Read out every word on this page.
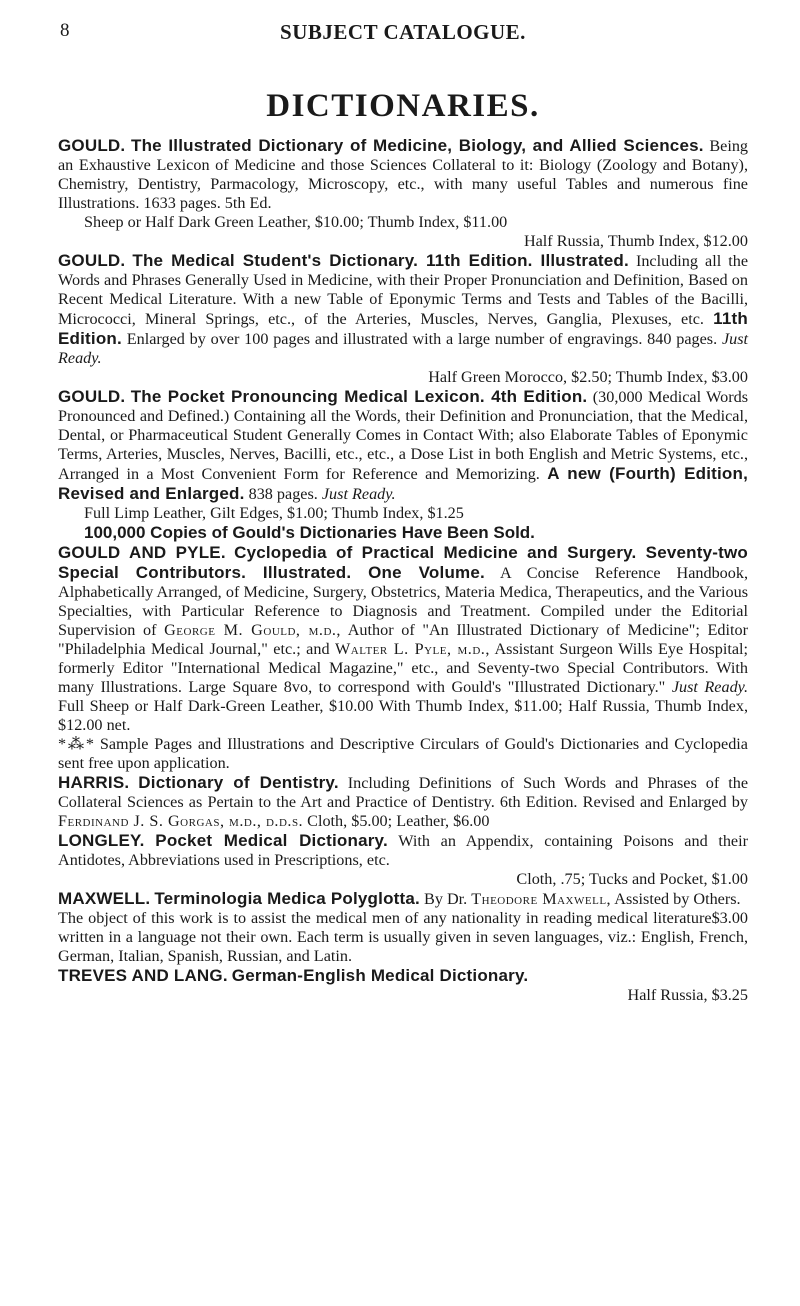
8	SUBJECT CATALOGUE.
DICTIONARIES.

GOULD. The Illustrated Dictionary of Medicine, Biology, and Allied Sciences. Being an Exhaustive Lexicon of Medicine and those Sciences Collateral to it: Biology (Zoology and Botany), Chemistry, Dentistry, Parmacology, Microscopy, etc., with many useful Tables and numerous fine Illustrations. 1633 pages. 5th Ed.
Sheep or Half Dark Green Leather, $10.00; Thumb Index, $11.00
Half Russia, Thumb Index, $12.00

GOULD. The Medical Student's Dictionary. 11th Edition. Illustrated. Including all the Words and Phrases Generally Used in Medicine, with their Proper Pronunciation and Definition, Based on Recent Medical Literature. With a new Table of Eponymic Terms and Tests and Tables of the Bacilli, Micrococci, Mineral Springs, etc., of the Arteries, Muscles, Nerves, Ganglia, Plexuses, etc. 11th Edition. Enlarged by over 100 pages and illustrated with a large number of engravings. 840 pages. Just Ready.
Half Green Morocco, $2.50; Thumb Index, $3.00

GOULD. The Pocket Pronouncing Medical Lexicon. 4th Edition. (30,000 Medical Words Pronounced and Defined.) Containing all the Words, their Definition and Pronunciation, that the Medical, Dental, or Pharmaceutical Student Generally Comes in Contact With; also Elaborate Tables of Eponymic Terms, Arteries, Muscles, Nerves, Bacilli, etc., etc., a Dose List in both English and Metric Systems, etc., Arranged in a Most Convenient Form for Reference and Memorizing. A new (Fourth) Edition, Revised and Enlarged. 838 pages. Just Ready.
Full Limp Leather, Gilt Edges, $1.00; Thumb Index, $1.25

100,000 Copies of Gould's Dictionaries Have Been Sold.

GOULD AND PYLE. Cyclopedia of Practical Medicine and Surgery. Seventy-two Special Contributors. Illustrated. One Volume. A Concise Reference Handbook, Alphabetically Arranged, of Medicine, Surgery, Obstetrics, Materia Medica, Therapeutics, and the Various Specialties, with Particular Reference to Diagnosis and Treatment. Compiled under the Editorial Supervision of George M. Gould, m.d., Author of "An Illustrated Dictionary of Medicine"; Editor "Philadelphia Medical Journal," etc.; and Walter L. Pyle, m.d., Assistant Surgeon Wills Eye Hospital; formerly Editor "International Medical Magazine," etc., and Seventy-two Special Contributors. With many Illustrations. Large Square 8vo, to correspond with Gould's "Illustrated Dictionary." Just Ready. Full Sheep or Half Dark-Green Leather, $10.00 With Thumb Index, $11.00; Half Russia, Thumb Index, $12.00 net.

*⁂* Sample Pages and Illustrations and Descriptive Circulars of Gould's Dictionaries and Cyclopedia sent free upon application.

HARRIS. Dictionary of Dentistry. Including Definitions of Such Words and Phrases of the Collateral Sciences as Pertain to the Art and Practice of Dentistry. 6th Edition. Revised and Enlarged by Ferdinand J. S. Gorgas, m.d., d.d.s. Cloth, $5.00; Leather, $6.00

LONGLEY. Pocket Medical Dictionary. With an Appendix, containing Poisons and their Antidotes, Abbreviations used in Prescriptions, etc.
Cloth, .75; Tucks and Pocket, $1.00

MAXWELL. Terminologia Medica Polyglotta. By Dr. Theodore Maxwell, Assisted by Others.
$3.00
The object of this work is to assist the medical men of any nationality in reading medical literature written in a language not their own. Each term is usually given in seven languages, viz.: English, French, German, Italian, Spanish, Russian, and Latin.

TREVES AND LANG. German-English Medical Dictionary.
Half Russia, $3.25
